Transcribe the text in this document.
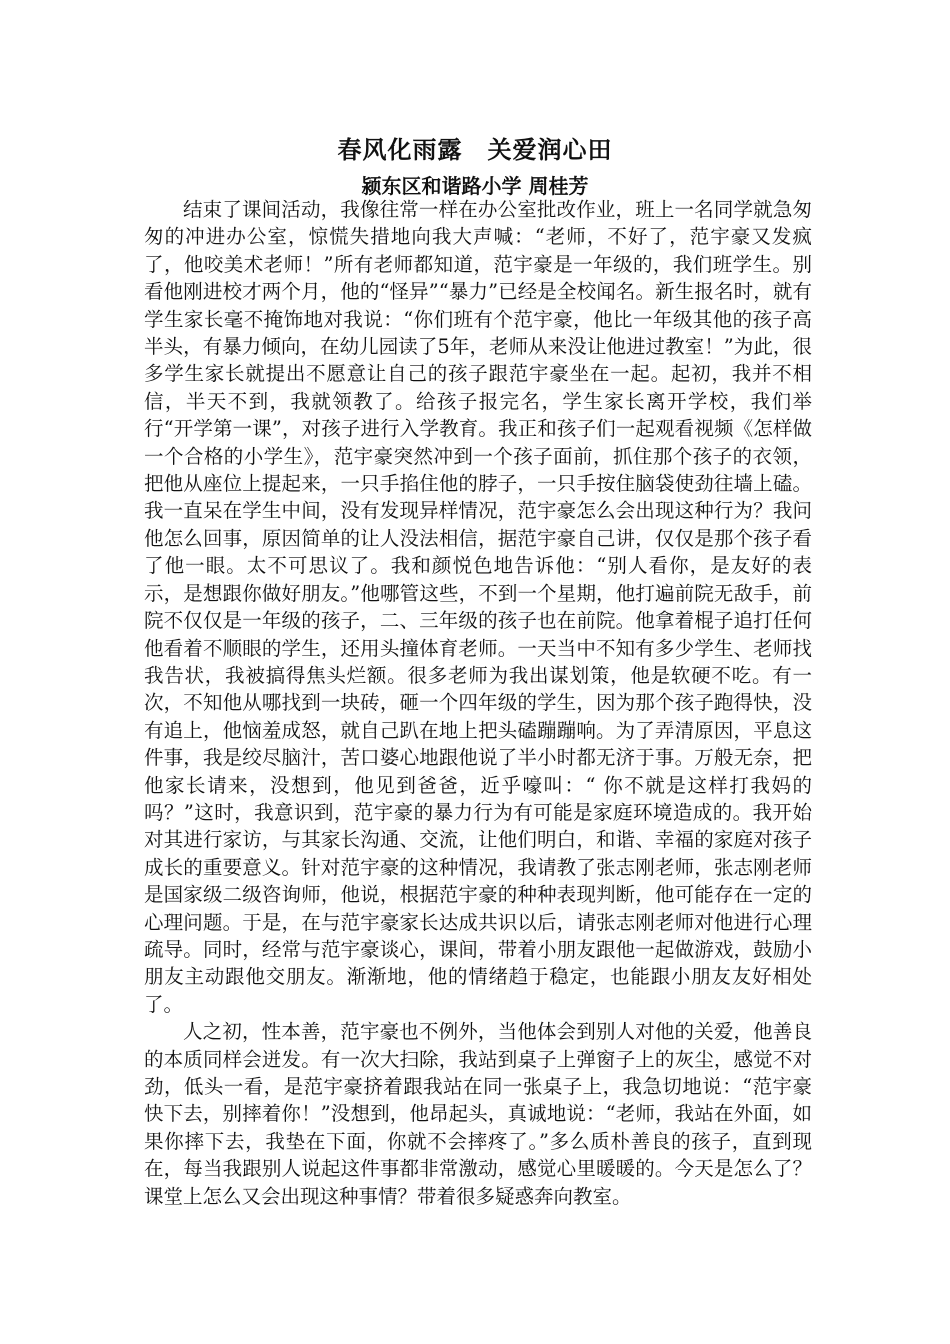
春风化雨露　关爱润心田
颍东区和谐路小学 周桂芳

结束了课间活动，我像往常一样在办公室批改作业，班上一名同学就急匆匆的冲进办公室，惊慌失措地向我大声喊：“老师，不好了，范宇豪又发疯了，他咬美术老师！”所有老师都知道，范宇豪是一年级的，我们班学生。别看他刚进校才两个月，他的“怪异”“暴力”已经是全校闻名。新生报名时，就有学生家长毫不掩饰地对我说：“你们班有个范宇豪，他比一年级其他的孩子高半头，有暴力倾向，在幼儿园读了5年，老师从来没让他进过教室！”为此，很多学生家长就提出不愿意让自己的孩子跟范宇豪坐在一起。起初，我并不相信，半天不到，我就领教了。给孩子报完名，学生家长离开学校，我们举行“开学第一课”，对孩子进行入学教育。我正和孩子们一起观看视频《怎样做一个合格的小学生》，范宇豪突然冲到一个孩子面前，抓住那个孩子的衣领，把他从座位上提起来，一只手掐住他的脖子，一只手按住脑袋使劲往墙上磕。我一直呆在学生中间，没有发现异样情况，范宇豪怎么会出现这种行为？我问他怎么回事，原因简单的让人没法相信，据范宇豪自己讲，仅仅是那个孩子看了他一眼。太不可思议了。我和颜悦色地告诉他：“别人看你，是友好的表示，是想跟你做好朋友。”他哪管这些，不到一个星期，他打遍前院无敌手，前院不仅仅是一年级的孩子，二、三年级的孩子也在前院。他拿着棍子追打任何他看着不顺眼的学生，还用头撞体育老师。一天当中不知有多少学生、老师找我告状，我被搞得焦头烂额。很多老师为我出谋划策，他是软硬不吃。有一次，不知他从哪找到一块砖，砸一个四年级的学生，因为那个孩子跑得快，没有追上，他恼羞成怒，就自己趴在地上把头磕蹦蹦响。为了弄清原因，平息这件事，我是绞尽脑汁，苦口婆心地跟他说了半小时都无济于事。万般无奈，把他家长请来，没想到，他见到爸爸，近乎嚎叫：“ 你不就是这样打我妈的吗？”这时，我意识到，范宇豪的暴力行为有可能是家庭环境造成的。我开始对其进行家访，与其家长沟通、交流，让他们明白，和谐、幸福的家庭对孩子成长的重要意义。针对范宇豪的这种情况，我请教了张志刚老师，张志刚老师是国家级二级咨询师，他说，根据范宇豪的种种表现判断，他可能存在一定的心理问题。于是，在与范宇豪家长达成共识以后，请张志刚老师对他进行心理疏导。同时，经常与范宇豪谈心，课间，带着小朋友跟他一起做游戏，鼓励小朋友主动跟他交朋友。渐渐地，他的情绪趋于稳定，也能跟小朋友友好相处了。

人之初，性本善，范宇豪也不例外，当他体会到别人对他的关爱，他善良的本质同样会迸发。有一次大扫除，我站到桌子上弹窗子上的灰尘，感觉不对劲，低头一看，是范宇豪挤着跟我站在同一张桌子上，我急切地说：“范宇豪快下去，别摔着你！”没想到，他昂起头，真诚地说：“老师，我站在外面，如果你摔下去，我垫在下面，你就不会摔疼了。”多么质朴善良的孩子，直到现在，每当我跟别人说起这件事都非常激动，感觉心里暖暖的。今天是怎么了？课堂上怎么又会出现这种事情？带着很多疑惑奔向教室。
